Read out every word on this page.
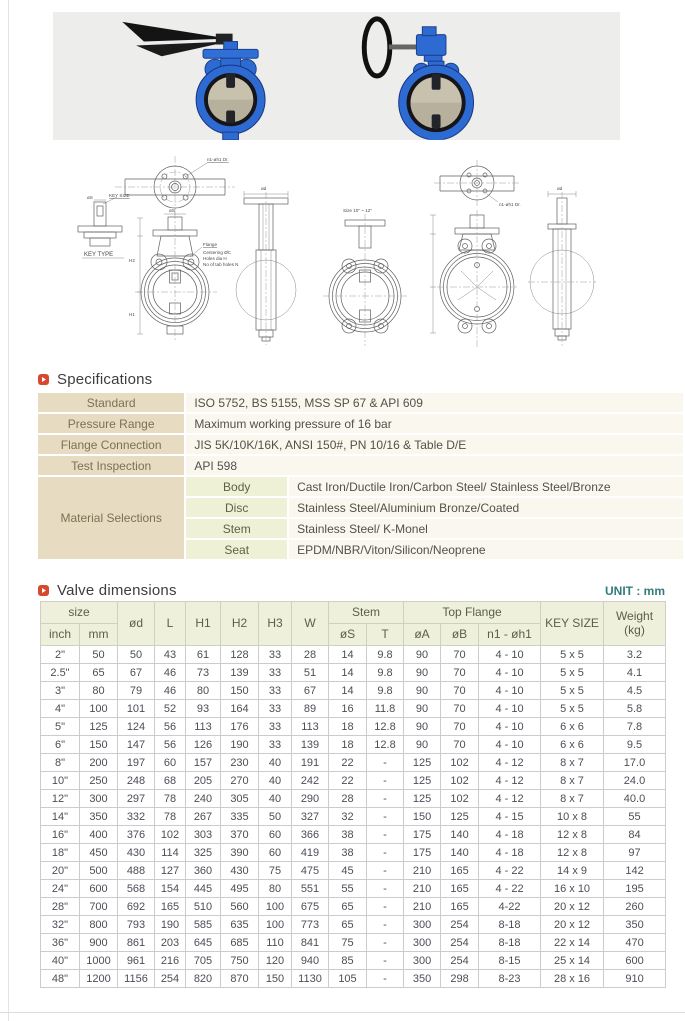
øS	KEY SIZE
KEY TYPE
n1-øh1 Dr.
øS
H2
H1
Flange
Centering ØC
Holes dia H
No of tab holes N
ød
Size 10" ~ 12"
n1-øh1 Dr.
ød
Specifications
Standard	ISO 5752, BS 5155, MSS SP 67 & API 609	
Pressure Range	Maximum working pressure of 16 bar	
Flange Connection	JIS 5K/10K/16K, ANSI 150#, PN 10/16 & Table D/E	
Test Inspection	API 598	
Material Selections	Body	Cast Iron/Ductile Iron/Carbon Steel/ Stainless Steel/Bronze
	Disc	Stainless Steel/Aluminium Bronze/Coated
	Stem	Stainless Steel/ K-Monel
	Seat	EPDM/NBR/Viton/Silicon/Neoprene
Valve dimensions	UNIT : mm
size		ød	L	H1	H2	H3	W	Stem		Top Flange			KEY SIZE	Weight
(kg)
inch	mm							øS	T	øA	øB	n1 - øh1		
2"	50	50	43	61	128	33	28	14	9.8	90	70	4 - 10	5 x 5	3.2
2.5"	65	67	46	73	139	33	51	14	9.8	90	70	4 - 10	5 x 5	4.1
3"	80	79	46	80	150	33	67	14	9.8	90	70	4 - 10	5 x 5	4.5
4"	100	101	52	93	164	33	89	16	11.8	90	70	4 - 10	5 x 5	5.8
5"	125	124	56	113	176	33	113	18	12.8	90	70	4 - 10	6 x 6	7.8
6"	150	147	56	126	190	33	139	18	12.8	90	70	4 - 10	6 x 6	9.5
8"	200	197	60	157	230	40	191	22	-	125	102	4 - 12	8 x 7	17.0
10"	250	248	68	205	270	40	242	22	-	125	102	4 - 12	8 x 7	24.0
12"	300	297	78	240	305	40	290	28	-	125	102	4 - 12	8 x 7	40.0
14"	350	332	78	267	335	50	327	32	-	150	125	4 - 15	10 x 8	55
16"	400	376	102	303	370	60	366	38	-	175	140	4 - 18	12 x 8	84
18"	450	430	114	325	390	60	419	38	-	175	140	4 - 18	12 x 8	97
20"	500	488	127	360	430	75	475	45	-	210	165	4 - 22	14 x 9	142
24"	600	568	154	445	495	80	551	55	-	210	165	4 - 22	16 x 10	195
28"	700	692	165	510	560	100	675	65	-	210	165	4-22	20 x 12	260
32"	800	793	190	585	635	100	773	65	-	300	254	8-18	20 x 12	350
36"	900	861	203	645	685	110	841	75	-	300	254	8-18	22 x 14	470
40"	1000	961	216	705	750	120	940	85	-	300	254	8-15	25 x 14	600
48"	1200	1156	254	820	870	150	1130	105	-	350	298	8-23	28 x 16	910
